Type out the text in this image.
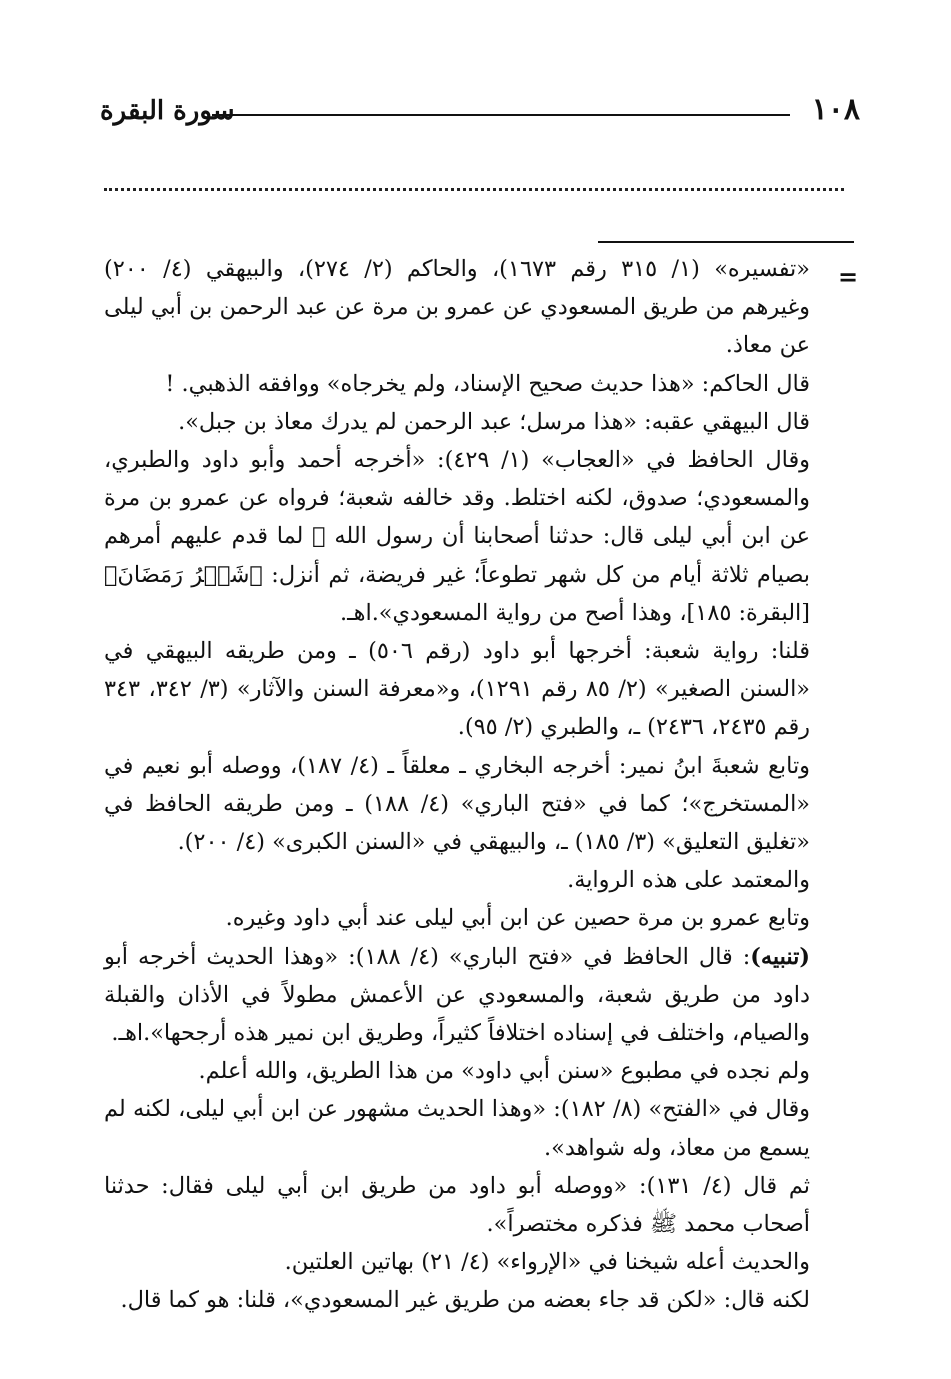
١٠٨
سورة البقرة
=

«تفسيره» (١/ ٣١٥ رقم ١٦٧٣)، والحاكم (٢/ ٢٧٤)، والبيهقي (٤/ ٢٠٠) وغيرهم من طريق المسعودي عن عمرو بن مرة عن عبد الرحمن بن أبي ليلى عن معاذ.

قال الحاكم: «هذا حديث صحيح الإسناد، ولم يخرجاه» ووافقه الذهبي. !

قال البيهقي عقبه: «هذا مرسل؛ عبد الرحمن لم يدرك معاذ بن جبل».

وقال الحافظ في «العجاب» (١/ ٤٢٩): «أخرجه أحمد وأبو داود والطبري، والمسعودي؛ صدوق، لكنه اختلط. وقد خالفه شعبة؛ فرواه عن عمرو بن مرة عن ابن أبي ليلى قال: حدثنا أصحابنا أن رسول الله ﷺ لما قدم عليهم أمرهم بصيام ثلاثة أيام من كل شهر تطوعاً؛ غير فريضة، ثم أنزل: ﴿شَهۡرُ رَمَضَانَ﴾ [البقرة: ١٨٥]، وهذا أصح من رواية المسعودي».اهـ.

قلنا: رواية شعبة: أخرجها أبو داود (رقم ٥٠٦) ـ ومن طريقه البيهقي في «السنن الصغير» (٢/ ٨٥ رقم ١٢٩١)، و«معرفة السنن والآثار» (٣/ ٣٤٢، ٣٤٣ رقم ٢٤٣٥، ٢٤٣٦) ـ، والطبري (٢/ ٩٥).

وتابع شعبةَ ابنُ نمير: أخرجه البخاري ـ معلقاً ـ (٤/ ١٨٧)، ووصله أبو نعيم في «المستخرج»؛ كما في «فتح الباري» (٤/ ١٨٨) ـ ومن طريقه الحافظ في «تغليق التعليق» (٣/ ١٨٥) ـ، والبيهقي في «السنن الكبرى» (٤/ ٢٠٠).

والمعتمد على هذه الرواية.

وتابع عمرو بن مرة حصين عن ابن أبي ليلى عند أبي داود وغيره.

(تنبيه): قال الحافظ في «فتح الباري» (٤/ ١٨٨): «وهذا الحديث أخرجه أبو داود من طريق شعبة، والمسعودي عن الأعمش مطولاً في الأذان والقبلة والصيام، واختلف في إسناده اختلافاً كثيراً، وطريق ابن نمير هذه أرجحها».اهـ.

ولم نجده في مطبوع «سنن أبي داود» من هذا الطريق، والله أعلم.

وقال في «الفتح» (٨/ ١٨٢): «وهذا الحديث مشهور عن ابن أبي ليلى، لكنه لم يسمع من معاذ، وله شواهد».

ثم قال (٤/ ١٣١): «ووصله أبو داود من طريق ابن أبي ليلى فقال: حدثنا أصحاب محمد ﷺ فذكره مختصراً».

والحديث أعله شيخنا في «الإرواء» (٤/ ٢١) بهاتين العلتين.

لكنه قال: «لكن قد جاء بعضه من طريق غير المسعودي»، قلنا: هو كما قال.
